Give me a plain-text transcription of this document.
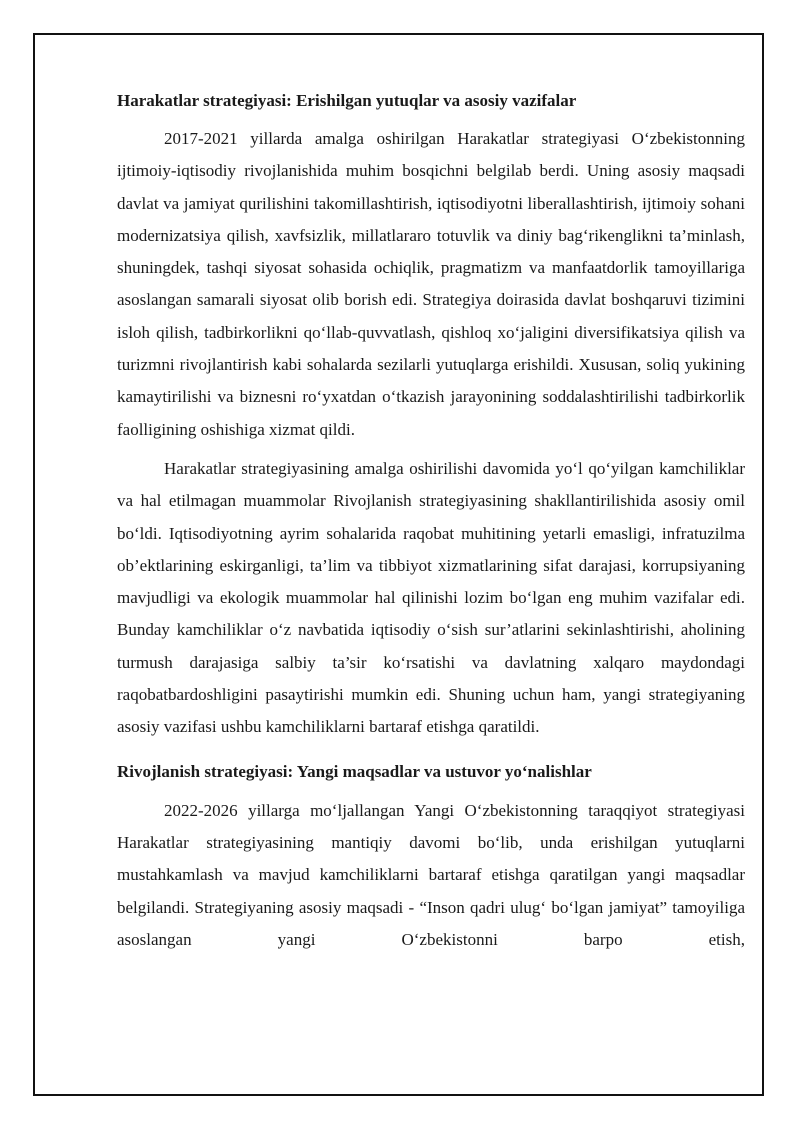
Harakatlar strategiyasi: Erishilgan yutuqlar va asosiy vazifalar

2017-2021 yillarda amalga oshirilgan Harakatlar strategiyasi O‘zbekistonning ijtimoiy-iqtisodiy rivojlanishida muhim bosqichni belgilab berdi. Uning asosiy maqsadi davlat va jamiyat qurilishini takomillashtirish, iqtisodiyotni liberallashtirish, ijtimoiy sohani modernizatsiya qilish, xavfsizlik, millatlararo totuvlik va diniy bag‘rikenglikni ta’minlash, shuningdek, tashqi siyosat sohasida ochiqlik, pragmatizm va manfaatdorlik tamoyillariga asoslangan samarali siyosat olib borish edi. Strategiya doirasida davlat boshqaruvi tizimini isloh qilish, tadbirkorlikni qo‘llab-quvvatlash, qishloq xo‘jaligini diversifikatsiya qilish va turizmni rivojlantirish kabi sohalarda sezilarli yutuqlarga erishildi. Xususan, soliq yukining kamaytirilishi va biznesni ro‘yxatdan o‘tkazish jarayonining soddalashtirilishi tadbirkorlik faolligining oshishiga xizmat qildi.

Harakatlar strategiyasining amalga oshirilishi davomida yo‘l qo‘yilgan kamchiliklar va hal etilmagan muammolar Rivojlanish strategiyasining shakllantirilishida asosiy omil bo‘ldi. Iqtisodiyotning ayrim sohalarida raqobat muhitining yetarli emasligi, infratuzilma ob’ektlarining eskirganligi, ta’lim va tibbiyot xizmatlarining sifat darajasi, korrupsiyaning mavjudligi va ekologik muammolar hal qilinishi lozim bo‘lgan eng muhim vazifalar edi. Bunday kamchiliklar o‘z navbatida iqtisodiy o‘sish sur’atlarini sekinlashtirishi, aholining turmush darajasiga salbiy ta’sir ko‘rsatishi va davlatning xalqaro maydondagi raqobatbardoshligini pasaytirishi mumkin edi. Shuning uchun ham, yangi strategiyaning asosiy vazifasi ushbu kamchiliklarni bartaraf etishga qaratildi.

Rivojlanish strategiyasi: Yangi maqsadlar va ustuvor yo‘nalishlar

2022-2026 yillarga mo‘ljallangan Yangi O‘zbekistonning taraqqiyot strategiyasi Harakatlar strategiyasining mantiqiy davomi bo‘lib, unda erishilgan yutuqlarni mustahkamlash va mavjud kamchiliklarni bartaraf etishga qaratilgan yangi maqsadlar belgilandi. Strategiyaning asosiy maqsadi - “Inson qadri ulug‘ bo‘lgan jamiyat” tamoyiliga asoslangan yangi O‘zbekistonni barpo etish,
